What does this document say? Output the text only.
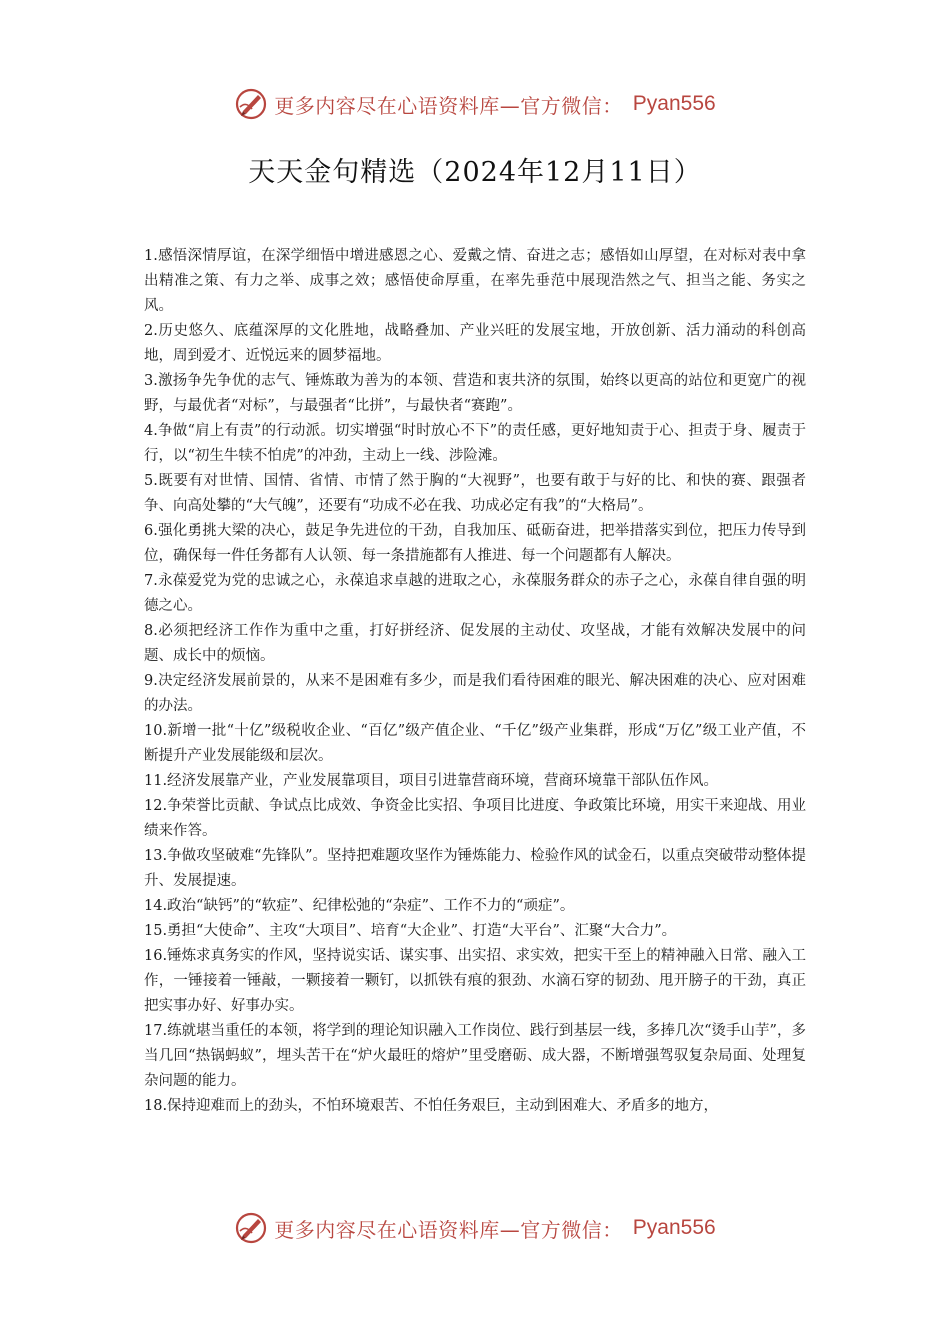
更多内容尽在心语资料库—官方微信： Pyan556
天天金句精选（2024年12月11日）

1.感悟深情厚谊，在深学细悟中增进感恩之心、爱戴之情、奋进之志；感悟如山厚望，在对标对表中拿出精准之策、有力之举、成事之效；感悟使命厚重，在率先垂范中展现浩然之气、担当之能、务实之风。

2.历史悠久、底蕴深厚的文化胜地，战略叠加、产业兴旺的发展宝地，开放创新、活力涌动的科创高地，周到爱才、近悦远来的圆梦福地。

3.激扬争先争优的志气、锤炼敢为善为的本领、营造和衷共济的氛围，始终以更高的站位和更宽广的视野，与最优者“对标”，与最强者“比拼”，与最快者“赛跑”。

4.争做“肩上有责”的行动派。切实增强“时时放心不下”的责任感，更好地知责于心、担责于身、履责于行，以“初生牛犊不怕虎”的冲劲，主动上一线、涉险滩。

5.既要有对世情、国情、省情、市情了然于胸的“大视野”，也要有敢于与好的比、和快的赛、跟强者争、向高处攀的“大气魄”，还要有“功成不必在我、功成必定有我”的“大格局”。

6.强化勇挑大梁的决心，鼓足争先进位的干劲，自我加压、砥砺奋进，把举措落实到位，把压力传导到位，确保每一件任务都有人认领、每一条措施都有人推进、每一个问题都有人解决。

7.永葆爱党为党的忠诚之心，永葆追求卓越的进取之心，永葆服务群众的赤子之心，永葆自律自强的明德之心。

8.必须把经济工作作为重中之重，打好拼经济、促发展的主动仗、攻坚战，才能有效解决发展中的问题、成长中的烦恼。

9.决定经济发展前景的，从来不是困难有多少，而是我们看待困难的眼光、解决困难的决心、应对困难的办法。

10.新增一批“十亿”级税收企业、“百亿”级产值企业、“千亿”级产业集群，形成“万亿”级工业产值，不断提升产业发展能级和层次。

11.经济发展靠产业，产业发展靠项目，项目引进靠营商环境，营商环境靠干部队伍作风。

12.争荣誉比贡献、争试点比成效、争资金比实招、争项目比进度、争政策比环境，用实干来迎战、用业绩来作答。

13.争做攻坚破难“先锋队”。坚持把难题攻坚作为锤炼能力、检验作风的试金石，以重点突破带动整体提升、发展提速。

14.政治“缺钙”的“软症”、纪律松弛的“杂症”、工作不力的“顽症”。

15.勇担“大使命”、主攻“大项目”、培育“大企业”、打造“大平台”、汇聚“大合力”。

16.锤炼求真务实的作风，坚持说实话、谋实事、出实招、求实效，把实干至上的精神融入日常、融入工作，一锤接着一锤敲，一颗接着一颗钉，以抓铁有痕的狠劲、水滴石穿的韧劲、甩开膀子的干劲，真正把实事办好、好事办实。

17.练就堪当重任的本领，将学到的理论知识融入工作岗位、践行到基层一线，多捧几次“烫手山芋”，多当几回“热锅蚂蚁”，埋头苦干在“炉火最旺的熔炉”里受磨砺、成大器，不断增强驾驭复杂局面、处理复杂问题的能力。

18.保持迎难而上的劲头，不怕环境艰苦、不怕任务艰巨，主动到困难大、矛盾多的地方，

更多内容尽在心语资料库—官方微信： Pyan556
